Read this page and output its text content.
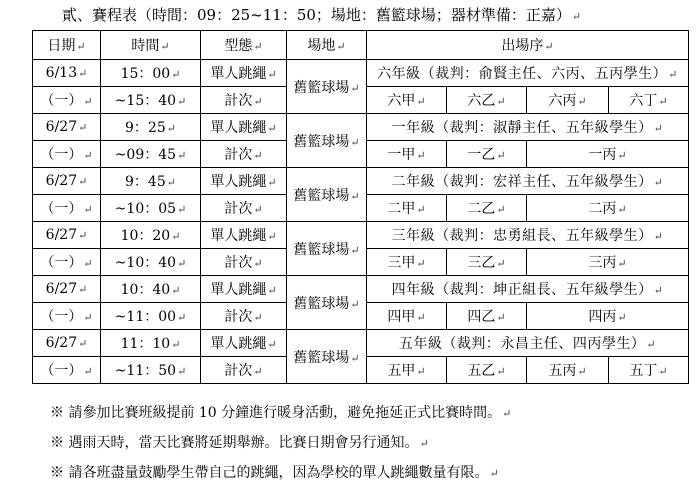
貳、賽程表（時間：09：25~11：50；場地：舊籃球場；器材準備：正嘉）↵
日期↵	時間↵	型態↵	場地↵	出場序↵			
6/13↵	15：00↵	單人跳繩↵	舊籃球場↵	六年級（裁判：俞賢主任、六丙、五丙學生）↵			
（一）↵	~15：40↵	計次↵		六甲↵	六乙↵	六丙↵	六丁↵
6/27↵	9：25↵	單人跳繩↵	舊籃球場↵	一年級（裁判：淑靜主任、五年級學生）↵			
（一）↵	~09：45↵	計次↵		一甲↵	一乙↵	一丙↵	
6/27↵	9：45↵	單人跳繩↵	舊籃球場↵	二年級（裁判：宏祥主任、五年級學生）↵			
（一）↵	~10：05↵	計次↵		二甲↵	二乙↵	二丙↵	
6/27↵	10：20↵	單人跳繩↵	舊籃球場↵	三年級（裁判：忠勇組長、五年級學生）↵			
（一）↵	~10：40↵	計次↵		三甲↵	三乙↵	三丙↵	
6/27↵	10：40↵	單人跳繩↵	舊籃球場↵	四年級（裁判：坤正組長、五年級學生）↵			
（一）↵	~11：00↵	計次↵		四甲↵	四乙↵	四丙↵	
6/27↵	11：10↵	單人跳繩↵	舊籃球場↵	五年級（裁判：永昌主任、四丙學生）↵			
（一）↵	~11：50↵	計次↵		五甲↵	五乙↵	五丙↵	五丁↵
※ 請參加比賽班級提前 10 分鐘進行暖身活動，避免拖延正式比賽時間。↵
※ 遇雨天時，當天比賽將延期舉辦。比賽日期會另行通知。↵
※ 請各班盡量鼓勵學生帶自己的跳繩，因為學校的單人跳繩數量有限。↵
